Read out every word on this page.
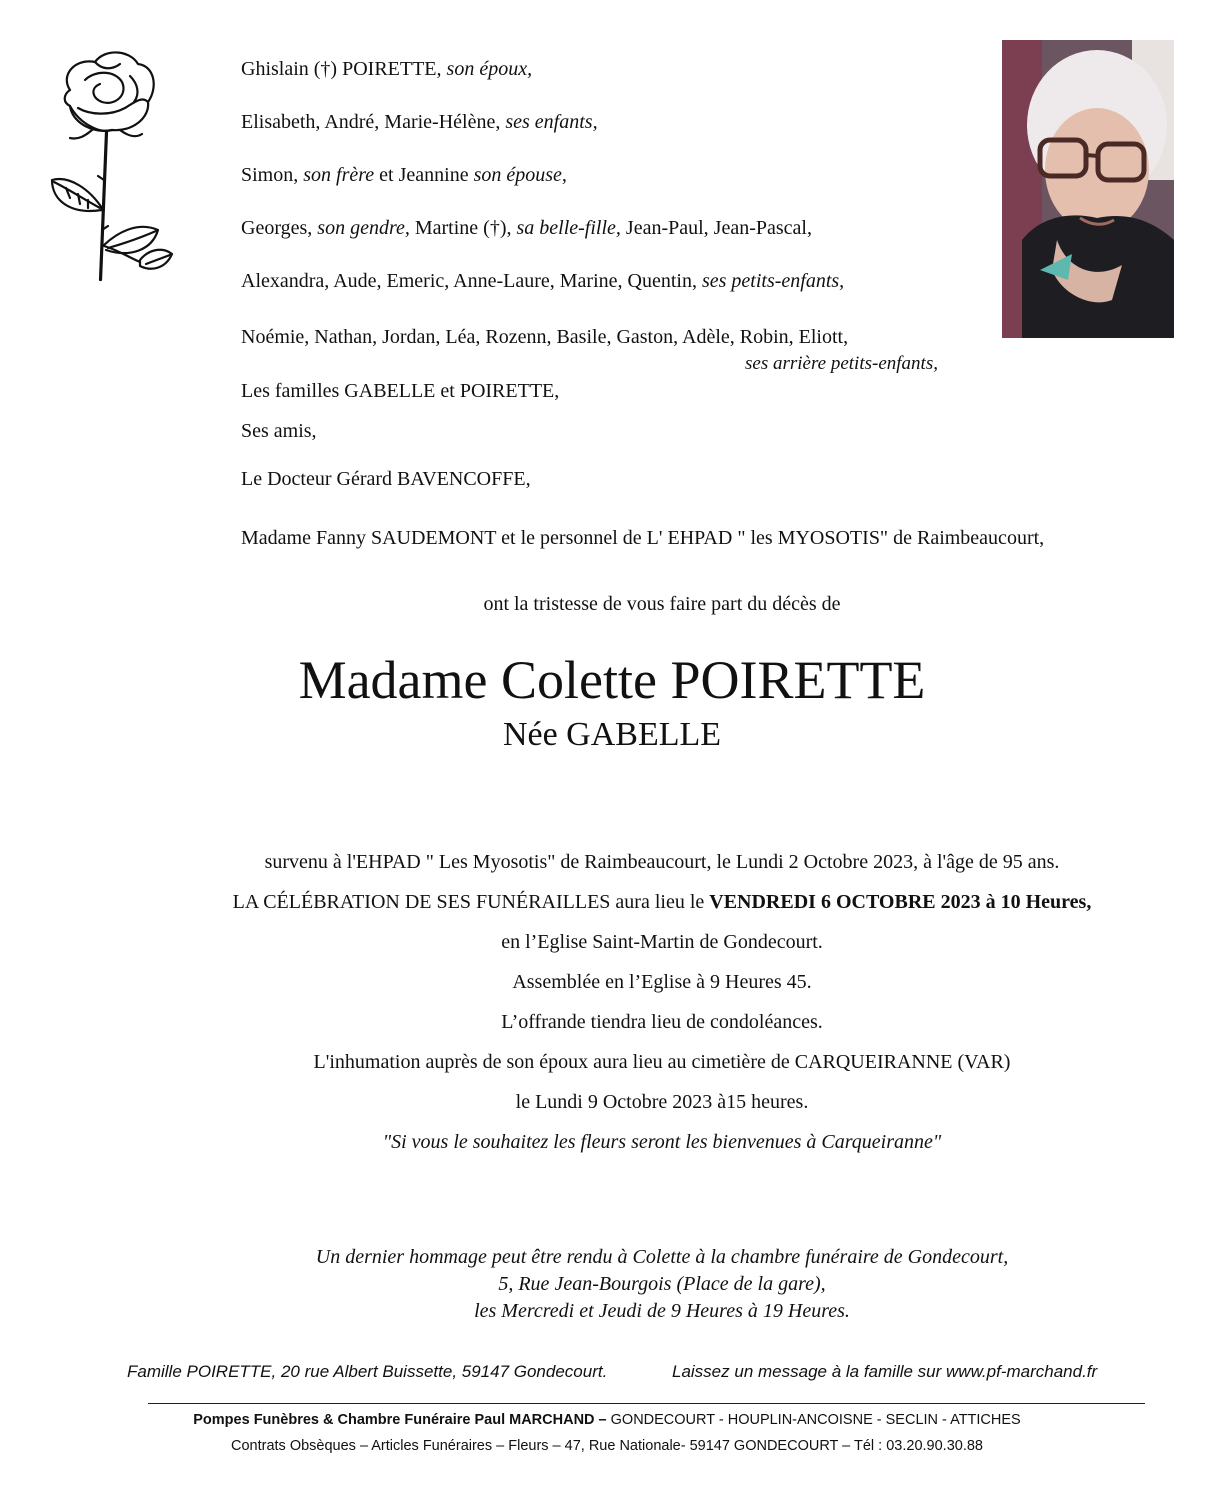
Ghislain (†) POIRETTE, son époux,
Elisabeth, André, Marie-Hélène, ses enfants,
Simon, son frère et Jeannine son épouse,
Georges, son gendre, Martine (†), sa belle-fille, Jean-Paul, Jean-Pascal,
Alexandra, Aude, Emeric, Anne-Laure, Marine, Quentin, ses petits-enfants,
Noémie, Nathan, Jordan, Léa, Rozenn, Basile, Gaston, Adèle, Robin, Eliott,
ses arrière petits-enfants,
Les familles GABELLE et POIRETTE,
Ses amis,
Le Docteur Gérard BAVENCOFFE,
Madame Fanny SAUDEMONT et le personnel de L' EHPAD " les MYOSOTIS" de Raimbeaucourt,
ont la tristesse de vous faire part du décès de
Madame Colette POIRETTE
Née GABELLE
survenu à l'EHPAD " Les Myosotis" de Raimbeaucourt, le Lundi 2 Octobre 2023, à l'âge de 95 ans.
LA CÉLÉBRATION DE SES FUNÉRAILLES aura lieu le VENDREDI 6 OCTOBRE 2023 à 10 Heures,
en l’Eglise Saint-Martin de Gondecourt.
Assemblée en l’Eglise à 9 Heures 45.
L’offrande tiendra lieu de condoléances.
L'inhumation auprès de son époux aura lieu au cimetière de CARQUEIRANNE (VAR)
le Lundi 9 Octobre 2023 à15 heures.
"Si vous le souhaitez les fleurs seront les bienvenues à Carqueiranne"
Un dernier hommage peut être rendu à Colette à la chambre funéraire de Gondecourt,
5, Rue Jean-Bourgois (Place de la gare),
les Mercredi et Jeudi de 9 Heures à 19 Heures.
Famille POIRETTE, 20 rue Albert Buissette, 59147 Gondecourt.	Laissez un message à la famille sur www.pf-marchand.fr
Pompes Funèbres & Chambre Funéraire Paul MARCHAND – GONDECOURT - HOUPLIN-ANCOISNE - SECLIN - ATTICHES
Contrats Obsèques – Articles Funéraires – Fleurs – 47, Rue Nationale- 59147 GONDECOURT – Tél : 03.20.90.30.88
